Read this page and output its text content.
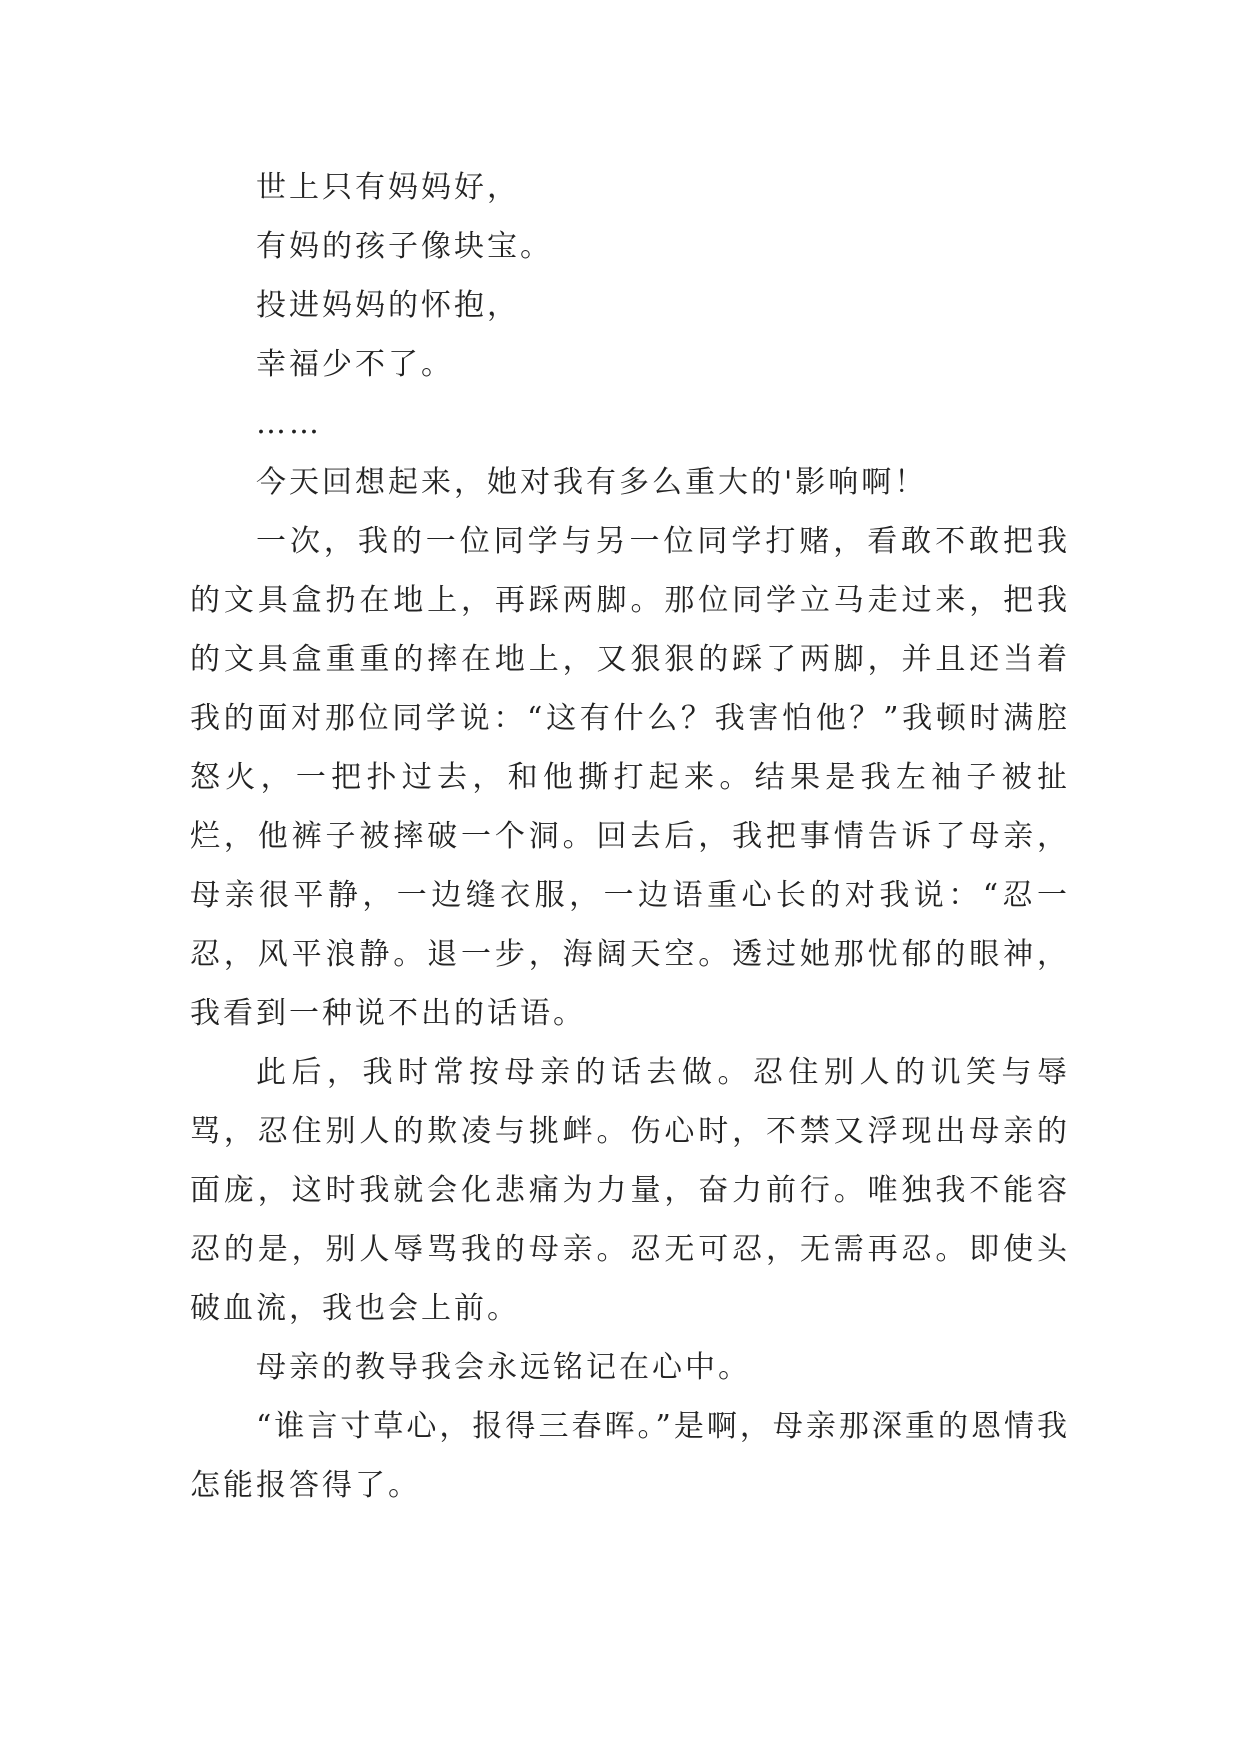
世上只有妈妈好，

有妈的孩子像块宝。

投进妈妈的怀抱，

幸福少不了。

……

今天回想起来，她对我有多么重大的'影响啊！

一次，我的一位同学与另一位同学打赌，看敢不敢把我的文具盒扔在地上，再踩两脚。那位同学立马走过来，把我的文具盒重重的摔在地上，又狠狠的踩了两脚，并且还当着我的面对那位同学说：“这有什么？我害怕他？”我顿时满腔怒火，一把扑过去，和他撕打起来。结果是我左袖子被扯烂，他裤子被摔破一个洞。回去后，我把事情告诉了母亲，母亲很平静，一边缝衣服，一边语重心长的对我说：“忍一忍，风平浪静。退一步，海阔天空。透过她那忧郁的眼神，我看到一种说不出的话语。

此后，我时常按母亲的话去做。忍住别人的讥笑与辱骂，忍住别人的欺凌与挑衅。伤心时，不禁又浮现出母亲的面庞，这时我就会化悲痛为力量，奋力前行。唯独我不能容忍的是，别人辱骂我的母亲。忍无可忍，无需再忍。即使头破血流，我也会上前。

母亲的教导我会永远铭记在心中。

“谁言寸草心，报得三春晖。”是啊，母亲那深重的恩情我怎能报答得了。
